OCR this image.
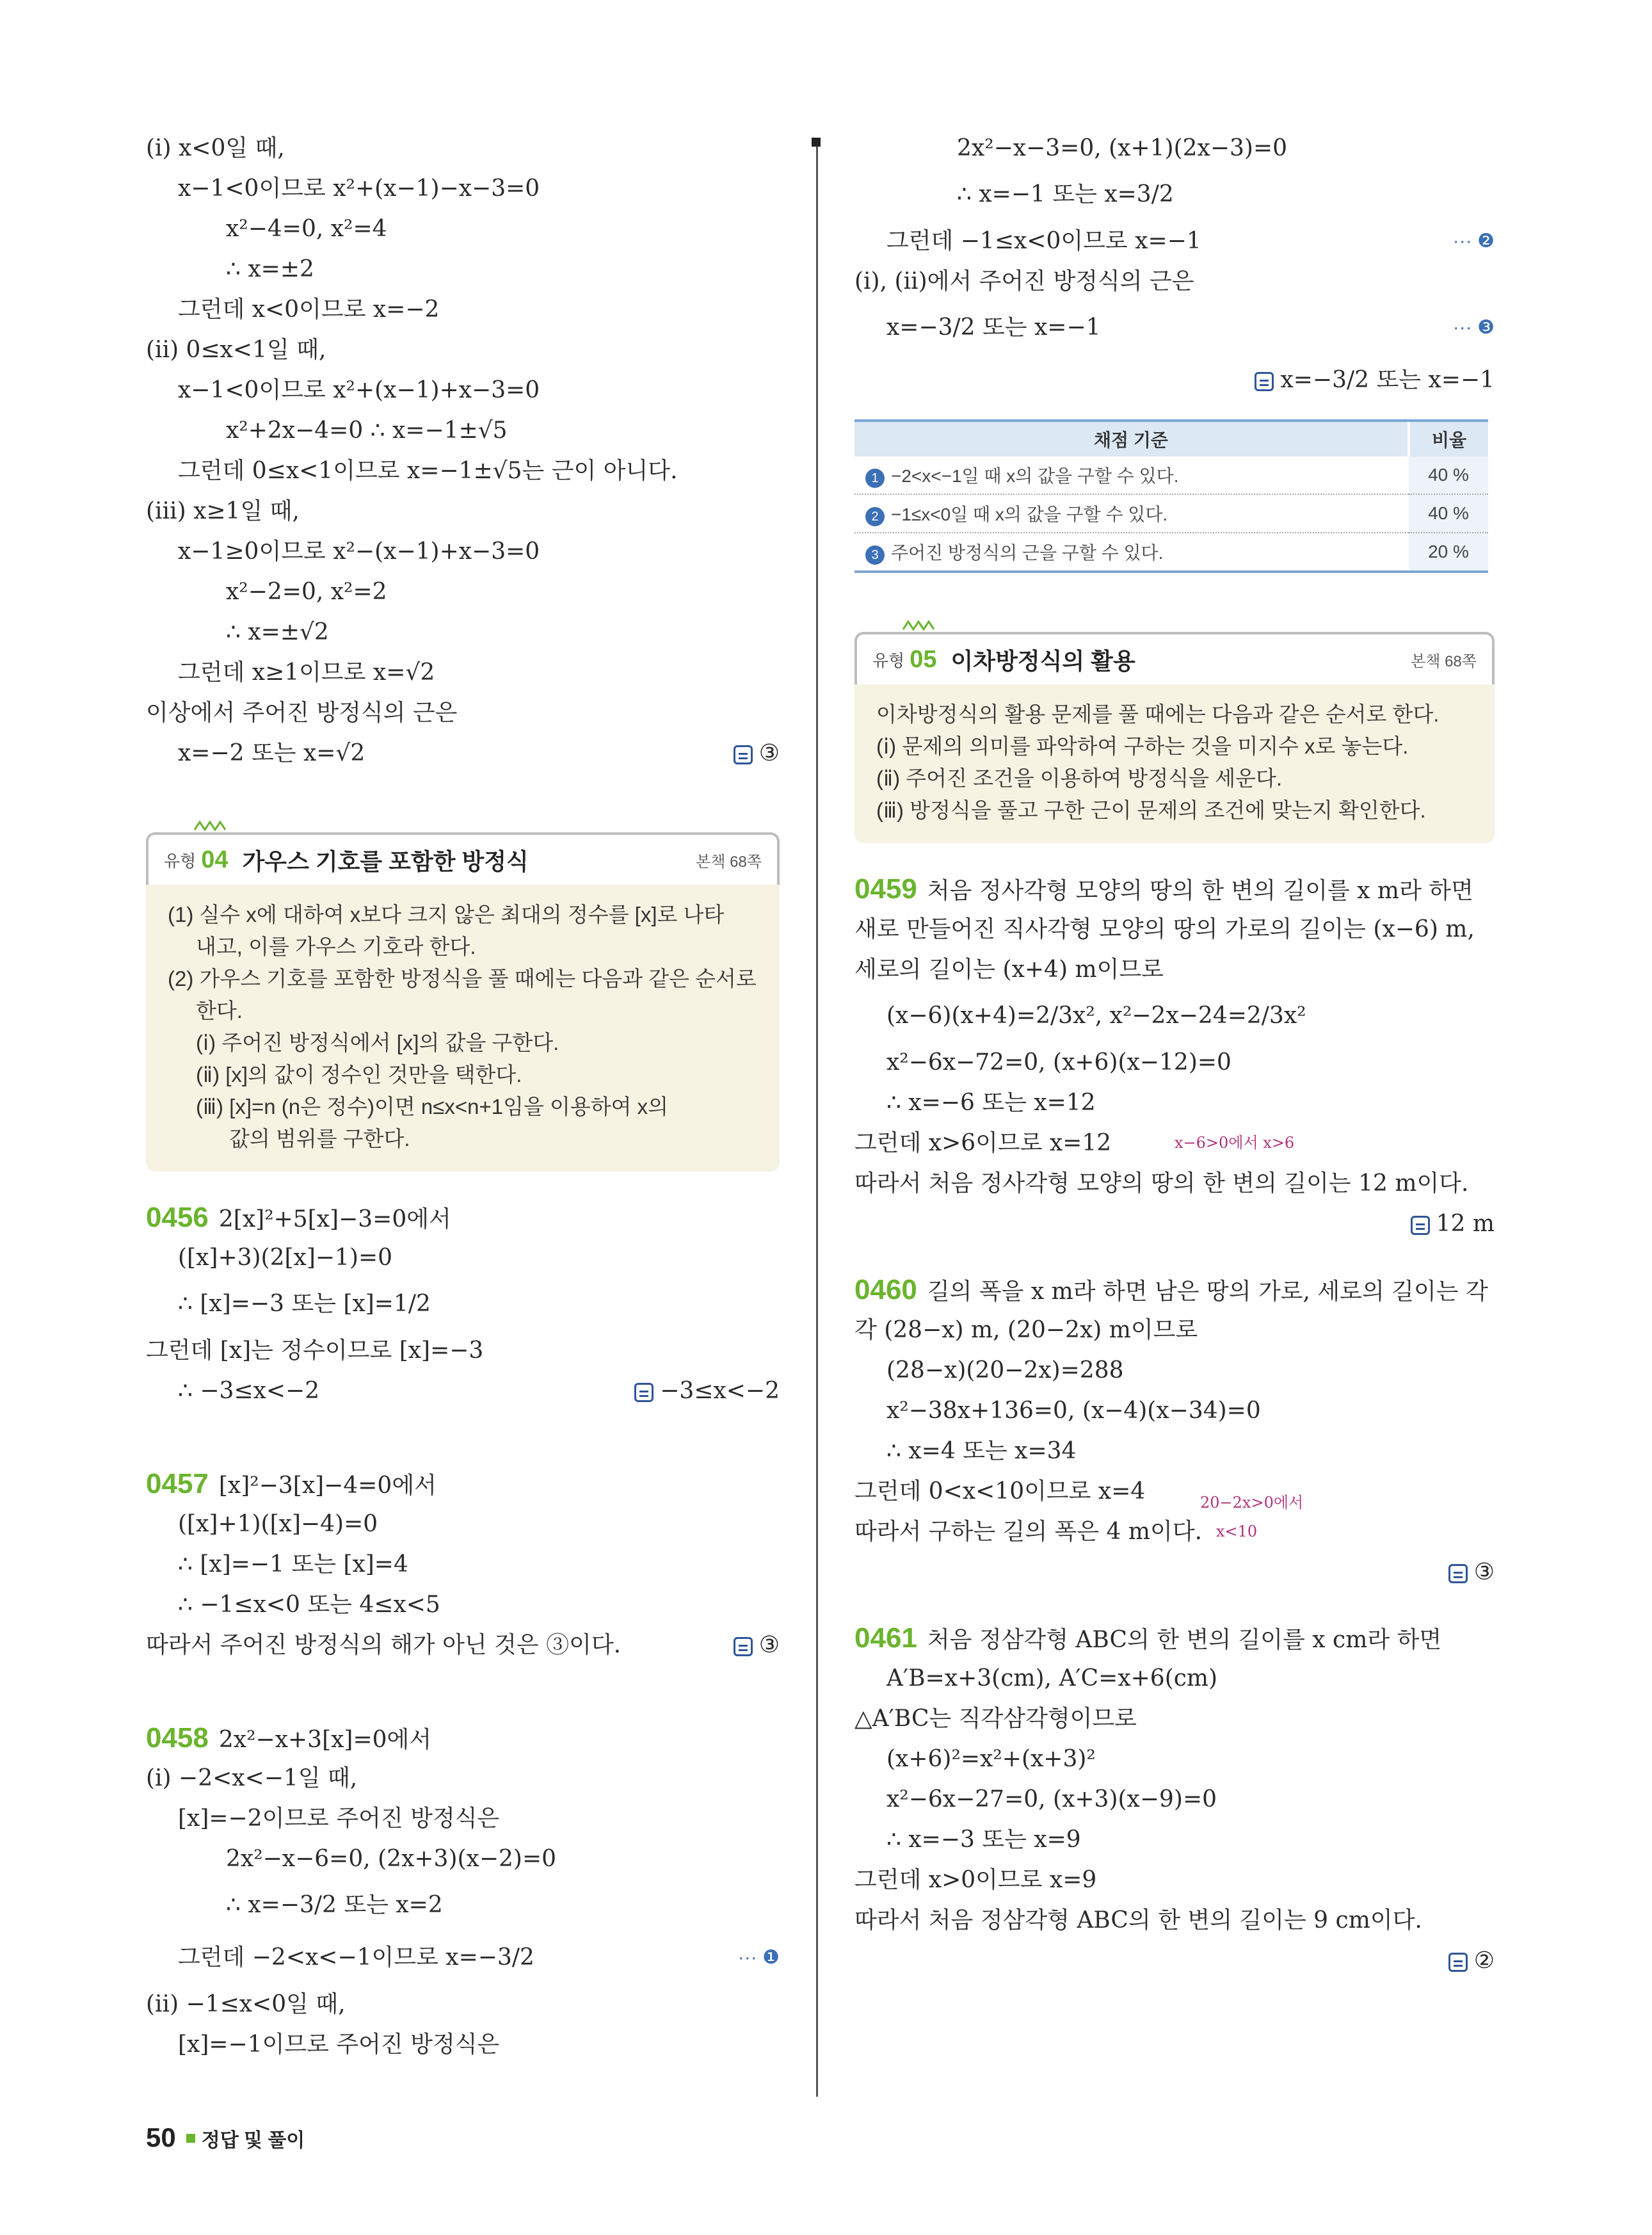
(ⅰ) x<0일 때,
x−1<0이므로 x²+(x−1)−x−3=0
x²−4=0, x²=4
∴ x=±2
그런데 x<0이므로 x=−2
(ⅱ) 0≤x<1일 때,
x−1<0이므로 x²+(x−1)+x−3=0
x²+2x−4=0 ∴ x=−1±√5
그런데 0≤x<1이므로 x=−1±√5는 근이 아니다.
(ⅲ) x≥1일 때,
x−1≥0이므로 x²−(x−1)+x−3=0
x²−2=0, x²=2
∴ x=±√2
그런데 x≥1이므로 x=√2
이상에서 주어진 방정식의 근은
x=−2 또는 x=√2	③
유형 04 가우스 기호를 포함한 방정식	본책 68쪽
(1) 실수 x에 대하여 x보다 크지 않은 최대의 정수를 [x]로 나타
내고, 이를 가우스 기호라 한다.
(2) 가우스 기호를 포함한 방정식을 풀 때에는 다음과 같은 순서로
한다.
(ⅰ) 주어진 방정식에서 [x]의 값을 구한다.
(ⅱ) [x]의 값이 정수인 것만을 택한다.
(ⅲ) [x]=n (n은 정수)이면 n≤x<n+1임을 이용하여 x의
값의 범위를 구한다.
0456 2[x]²+5[x]−3=0에서
([x]+3)(2[x]−1)=0
∴ [x]=−3 또는 [x]=1/2
그런데 [x]는 정수이므로 [x]=−3
∴ −3≤x<−2	−3≤x<−2
0457 [x]²−3[x]−4=0에서
([x]+1)([x]−4)=0
∴ [x]=−1 또는 [x]=4
∴ −1≤x<0 또는 4≤x<5
따라서 주어진 방정식의 해가 아닌 것은 ③이다.	③
0458 2x²−x+3[x]=0에서
(ⅰ) −2<x<−1일 때,
[x]=−2이므로 주어진 방정식은
2x²−x−6=0, (2x+3)(x−2)=0
∴ x=−3/2 또는 x=2
그런데 −2<x<−1이므로 x=−3/2	··· ❶
(ⅱ) −1≤x<0일 때,
[x]=−1이므로 주어진 방정식은
2x²−x−3=0, (x+1)(2x−3)=0
∴ x=−1 또는 x=3/2
그런데 −1≤x<0이므로 x=−1	··· ❷
(ⅰ), (ⅱ)에서 주어진 방정식의 근은
x=−3/2 또는 x=−1	··· ❸
x=−3/2 또는 x=−1
채점 기준	비율
1 −2<x<−1일 때 x의 값을 구할 수 있다.	40 %
2 −1≤x<0일 때 x의 값을 구할 수 있다.	40 %
3 주어진 방정식의 근을 구할 수 있다.	20 %
유형 05 이차방정식의 활용	본책 68쪽
이차방정식의 활용 문제를 풀 때에는 다음과 같은 순서로 한다.
(ⅰ) 문제의 의미를 파악하여 구하는 것을 미지수 x로 놓는다.
(ⅱ) 주어진 조건을 이용하여 방정식을 세운다.
(ⅲ) 방정식을 풀고 구한 근이 문제의 조건에 맞는지 확인한다.
0459 처음 정사각형 모양의 땅의 한 변의 길이를 x m라 하면
새로 만들어진 직사각형 모양의 땅의 가로의 길이는 (x−6) m,
세로의 길이는 (x+4) m이므로
(x−6)(x+4)=2/3x², x²−2x−24=2/3x²
x²−6x−72=0, (x+6)(x−12)=0
∴ x=−6 또는 x=12
그런데 x>6이므로 x=12	x−6>0에서 x>6
따라서 처음 정사각형 모양의 땅의 한 변의 길이는 12 m이다.
12 m
0460 길의 폭을 x m라 하면 남은 땅의 가로, 세로의 길이는 각
각 (28−x) m, (20−2x) m이므로
(28−x)(20−2x)=288
x²−38x+136=0, (x−4)(x−34)=0
∴ x=4 또는 x=34
그런데 0<x<10이므로 x=4	20−2x>0에서
따라서 구하는 길의 폭은 4 m이다. x<10
③
0461 처음 정삼각형 ABC의 한 변의 길이를 x cm라 하면
A′B=x+3(cm), A′C=x+6(cm)
△A′BC는 직각삼각형이므로
(x+6)²=x²+(x+3)²
x²−6x−27=0, (x+3)(x−9)=0
∴ x=−3 또는 x=9
그런데 x>0이므로 x=9
따라서 처음 정삼각형 ABC의 한 변의 길이는 9 cm이다.
②
50 정답 및 풀이
